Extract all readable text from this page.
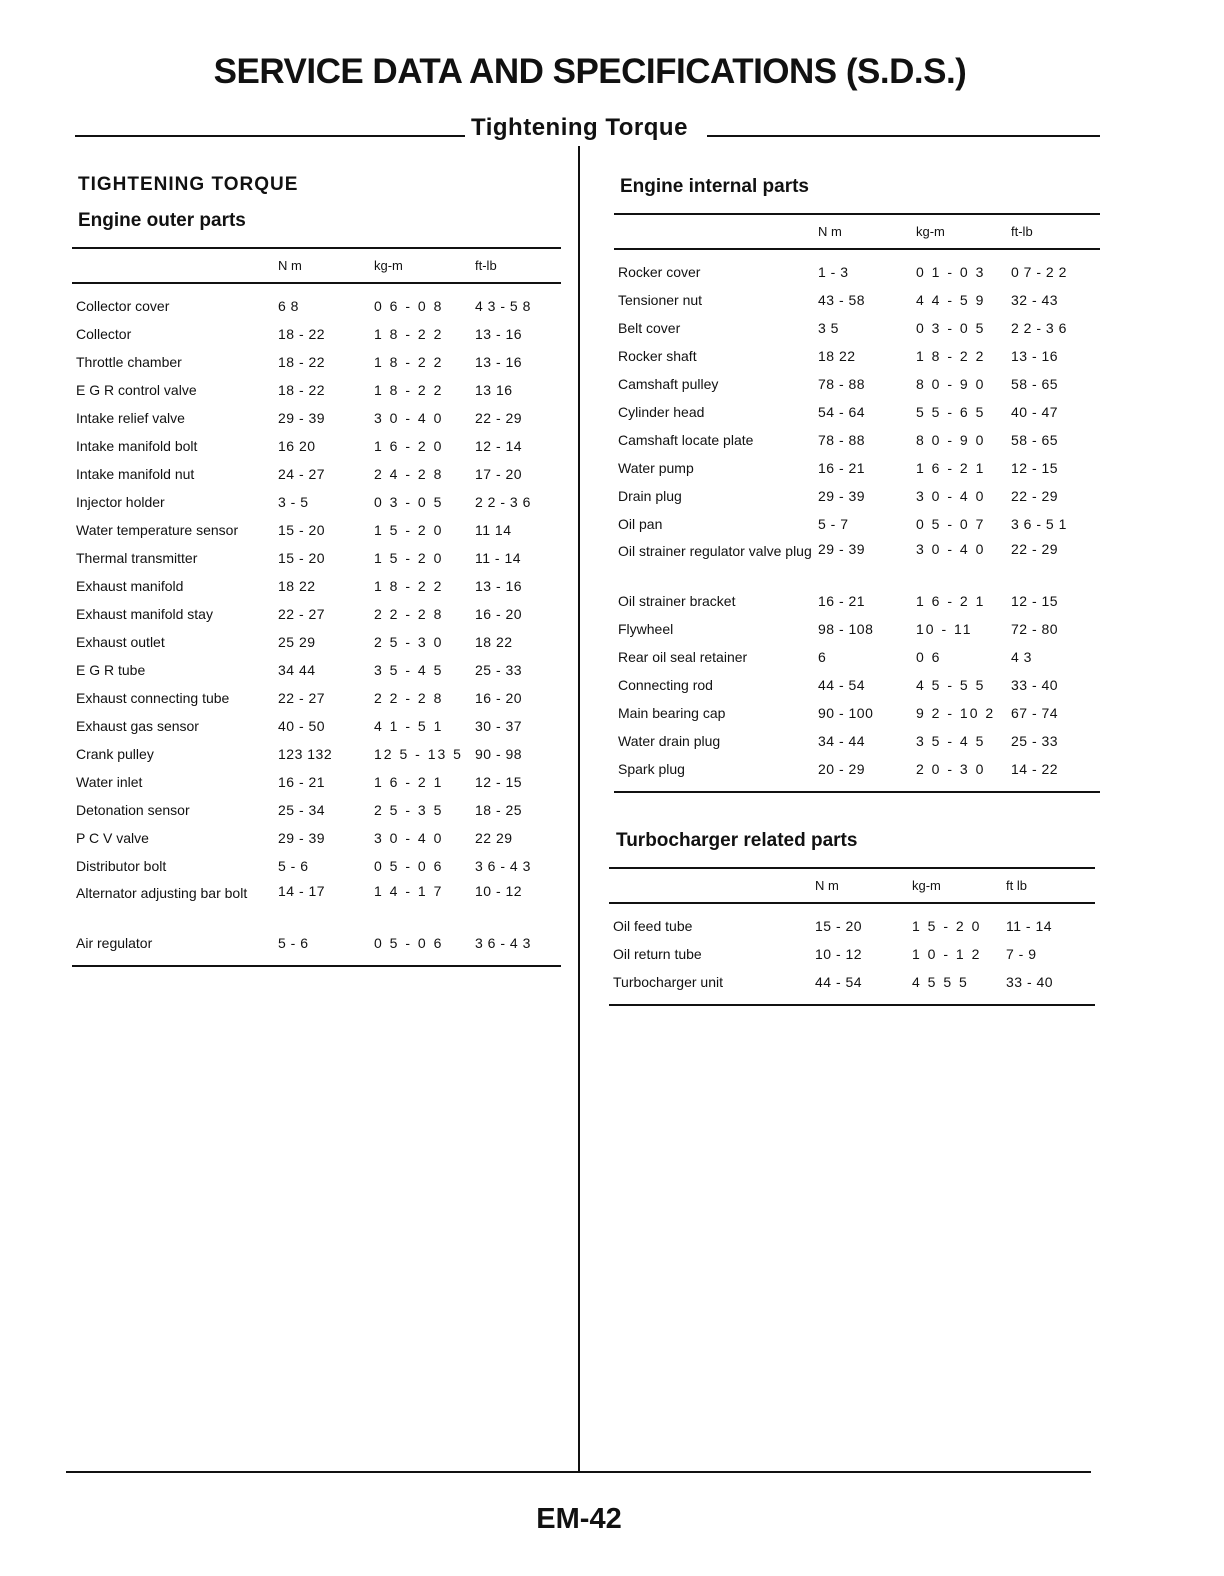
SERVICE DATA AND SPECIFICATIONS (S.D.S.)
Tightening Torque
TIGHTENING TORQUE
Engine outer parts
	N m	kg-m	ft-lb
Collector cover	6 8	0 6 - 0 8	4 3 - 5 8
Collector	18 - 22	1 8 - 2 2	13 - 16
Throttle chamber	18 - 22	1 8 - 2 2	13 - 16
E G R control valve	18 - 22	1 8 - 2 2	13 16
Intake relief valve	29 - 39	3 0 - 4 0	22 - 29
Intake manifold bolt	16 20	1 6 - 2 0	12 - 14
Intake manifold nut	24 - 27	2 4 - 2 8	17 - 20
Injector holder	3 - 5	0 3 - 0 5	2 2 - 3 6
Water temperature sensor	15 - 20	1 5 - 2 0	11 14
Thermal transmitter	15 - 20	1 5 - 2 0	11 - 14
Exhaust manifold	18 22	1 8 - 2 2	13 - 16
Exhaust manifold stay	22 - 27	2 2 - 2 8	16 - 20
Exhaust outlet	25 29	2 5 - 3 0	18 22
E G R tube	34 44	3 5 - 4 5	25 - 33
Exhaust connecting tube	22 - 27	2 2 - 2 8	16 - 20
Exhaust gas sensor	40 - 50	4 1 - 5 1	30 - 37
Crank pulley	123 132	12 5 - 13 5	90 - 98
Water inlet	16 - 21	1 6 - 2 1	12 - 15
Detonation sensor	25 - 34	2 5 - 3 5	18 - 25
P C V valve	29 - 39	3 0 - 4 0	22 29
Distributor bolt	5 - 6	0 5 - 0 6	3 6 - 4 3
Alternator adjusting bar bolt	14 - 17	1 4 - 1 7	10 - 12
Air regulator	5 - 6	0 5 - 0 6	3 6 - 4 3
Engine internal parts
	N m	kg-m	ft-lb
Rocker cover	1 - 3	0 1 - 0 3	0 7 - 2 2
Tensioner nut	43 - 58	4 4 - 5 9	32 - 43
Belt cover	3 5	0 3 - 0 5	2 2 - 3 6
Rocker shaft	18 22	1 8 - 2 2	13 - 16
Camshaft pulley	78 - 88	8 0 - 9 0	58 - 65
Cylinder head	54 - 64	5 5 - 6 5	40 - 47
Camshaft locate plate	78 - 88	8 0 - 9 0	58 - 65
Water pump	16 - 21	1 6 - 2 1	12 - 15
Drain plug	29 - 39	3 0 - 4 0	22 - 29
Oil pan	5 - 7	0 5 - 0 7	3 6 - 5 1
Oil strainer regulator valve plug	29 - 39	3 0 - 4 0	22 - 29
Oil strainer bracket	16 - 21	1 6 - 2 1	12 - 15
Flywheel	98 - 108	10 - 11	72 - 80
Rear oil seal retainer	6	0 6	4 3
Connecting rod	44 - 54	4 5 - 5 5	33 - 40
Main bearing cap	90 - 100	9 2 - 10 2	67 - 74
Water drain plug	34 - 44	3 5 - 4 5	25 - 33
Spark plug	20 - 29	2 0 - 3 0	14 - 22
Turbocharger related parts
	N m	kg-m	ft lb
Oil feed tube	15 - 20	1 5 - 2 0	11 - 14
Oil return tube	10 - 12	1 0 - 1 2	7 - 9
Turbocharger unit	44 - 54	4 5 5 5	33 - 40
EM-42
